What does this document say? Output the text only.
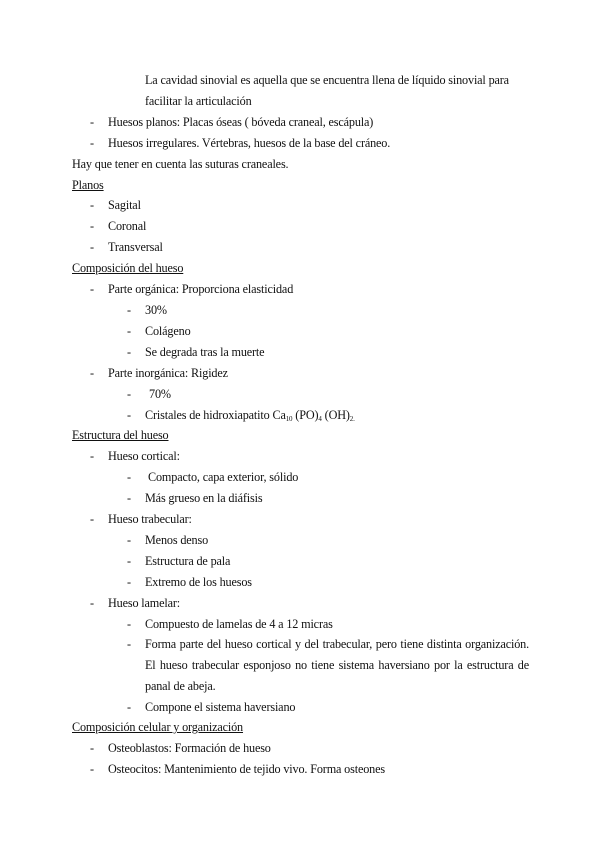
La cavidad sinovial es aquella que se encuentra llena de líquido sinovial para
facilitar la articulación
- Huesos planos: Placas óseas ( bóveda craneal, escápula)
- Huesos irregulares. Vértebras, huesos de la base del cráneo.
Hay que tener en cuenta las suturas craneales.
Planos
- Sagital
- Coronal
- Transversal
Composición del hueso
- Parte orgánica: Proporciona elasticidad
- 30%
- Colágeno
- Se degrada tras la muerte
- Parte inorgánica: Rigidez
- 70%
- Cristales de hidroxiapatito $Ca_{10}$ $(PO)_4$ $(OH)_{2.}$
Estructura del hueso
- Hueso cortical:
- Compacto, capa exterior, sólido
- Más grueso en la diáfisis
- Hueso trabecular:
- Menos denso
- Estructura de pala
- Extremo de los huesos
- Hueso lamelar:
- Compuesto de lamelas de 4 a 12 micras
- Forma parte del hueso cortical y del trabecular, pero tiene distinta organización. El hueso trabecular esponjoso no tiene sistema haversiano por la estructura de panal de abeja.
- Compone el sistema haversiano
Composición celular y organización
- Osteoblastos: Formación de hueso
- Osteocitos: Mantenimiento de tejido vivo. Forma osteones
